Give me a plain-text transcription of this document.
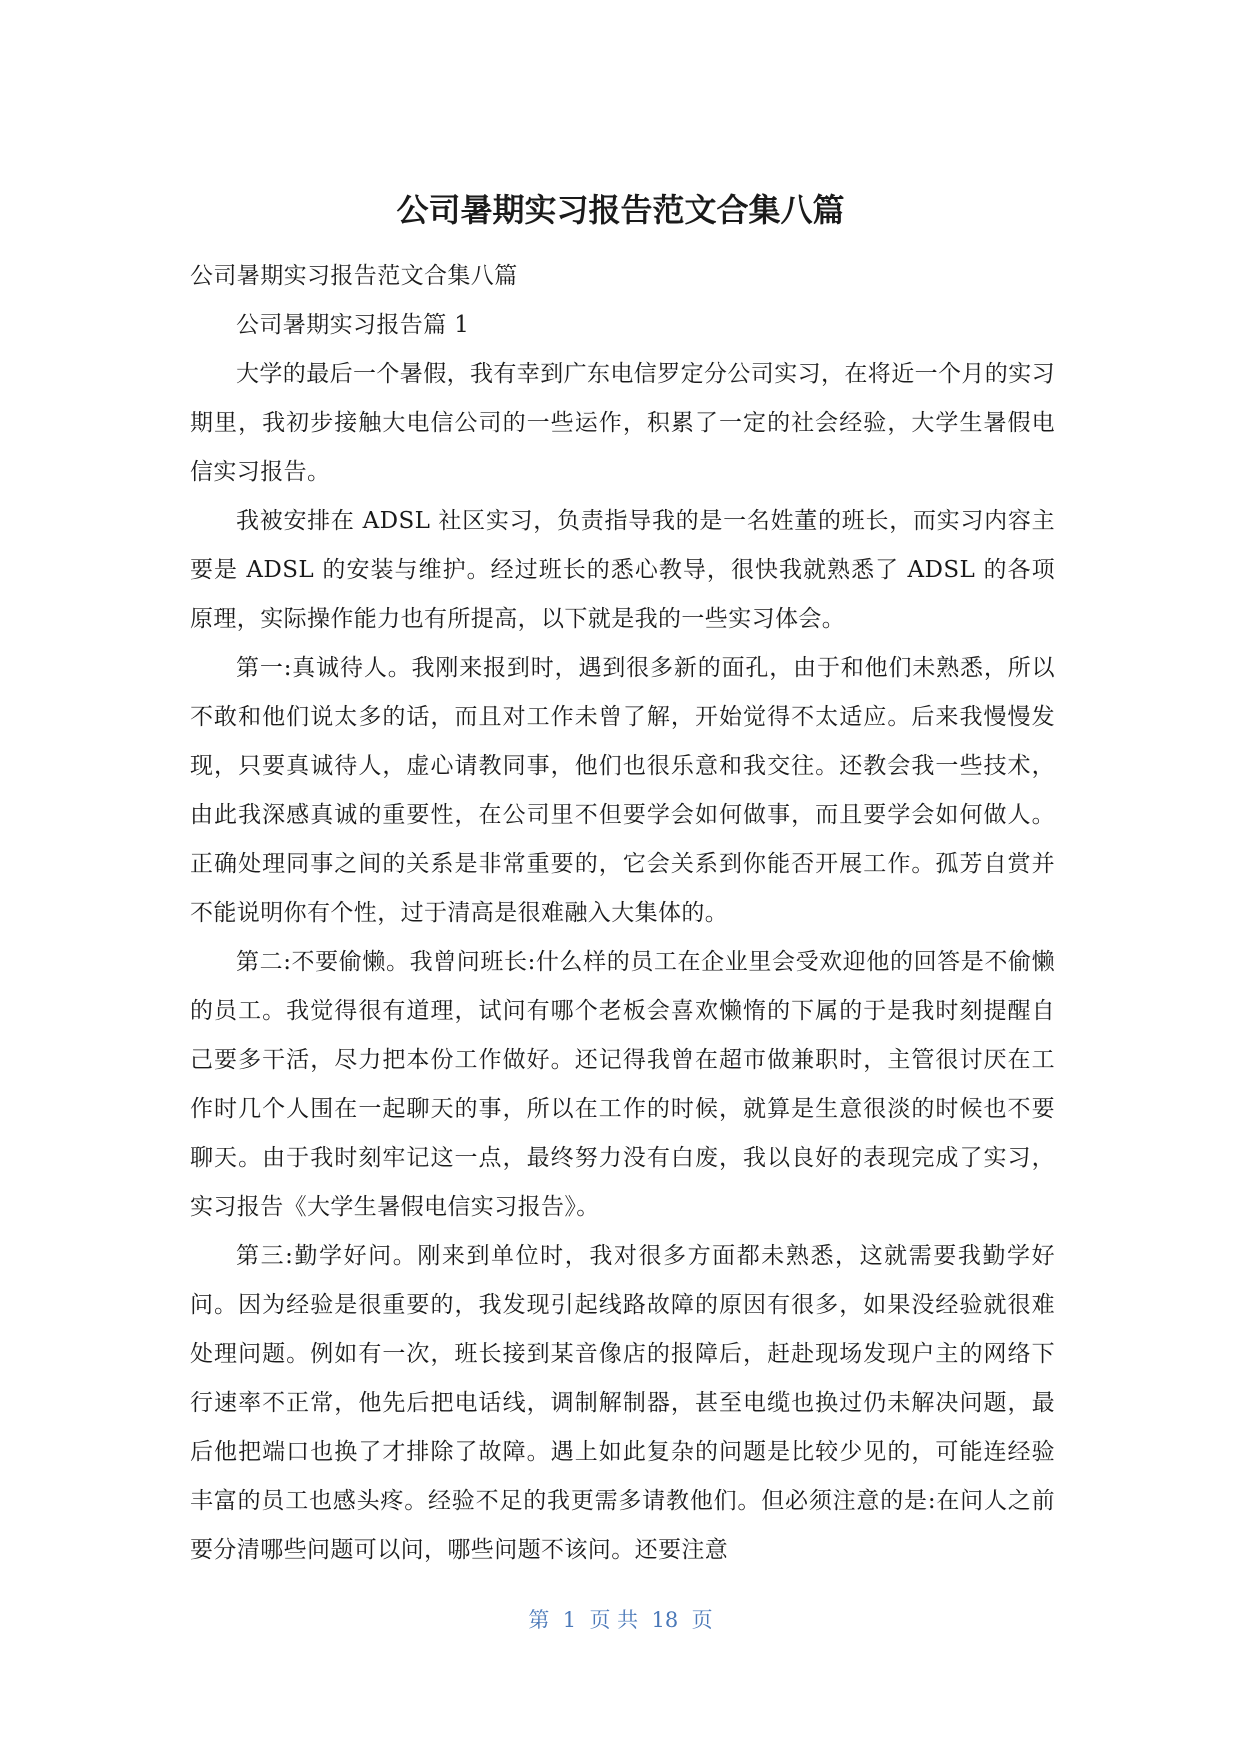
公司暑期实习报告范文合集八篇

公司暑期实习报告范文合集八篇

公司暑期实习报告篇 1

大学的最后一个暑假，我有幸到广东电信罗定分公司实习，在将近一个月的实习期里，我初步接触大电信公司的一些运作，积累了一定的社会经验，大学生暑假电信实习报告。

我被安排在 ADSL 社区实习，负责指导我的是一名姓董的班长，而实习内容主要是 ADSL 的安装与维护。经过班长的悉心教导，很快我就熟悉了 ADSL 的各项原理，实际操作能力也有所提高，以下就是我的一些实习体会。

第一:真诚待人。我刚来报到时，遇到很多新的面孔，由于和他们未熟悉，所以不敢和他们说太多的话，而且对工作未曾了解，开始觉得不太适应。后来我慢慢发现，只要真诚待人，虚心请教同事，他们也很乐意和我交往。还教会我一些技术，由此我深感真诚的重要性，在公司里不但要学会如何做事，而且要学会如何做人。正确处理同事之间的关系是非常重要的，它会关系到你能否开展工作。孤芳自赏并不能说明你有个性，过于清高是很难融入大集体的。

第二:不要偷懒。我曾问班长:什么样的员工在企业里会受欢迎他的回答是不偷懒的员工。我觉得很有道理，试问有哪个老板会喜欢懒惰的下属的于是我时刻提醒自己要多干活，尽力把本份工作做好。还记得我曾在超市做兼职时，主管很讨厌在工作时几个人围在一起聊天的事，所以在工作的时候，就算是生意很淡的时候也不要聊天。由于我时刻牢记这一点，最终努力没有白废，我以良好的表现完成了实习，实习报告《大学生暑假电信实习报告》。

第三:勤学好问。刚来到单位时，我对很多方面都未熟悉，这就需要我勤学好问。因为经验是很重要的，我发现引起线路故障的原因有很多，如果没经验就很难处理问题。例如有一次，班长接到某音像店的报障后，赶赴现场发现户主的网络下行速率不正常，他先后把电话线，调制解制器，甚至电缆也换过仍未解决问题，最后他把端口也换了才排除了故障。遇上如此复杂的问题是比较少见的，可能连经验丰富的员工也感头疼。经验不足的我更需多请教他们。但必须注意的是:在问人之前要分清哪些问题可以问，哪些问题不该问。还要注意

第  1  页 共  18  页
